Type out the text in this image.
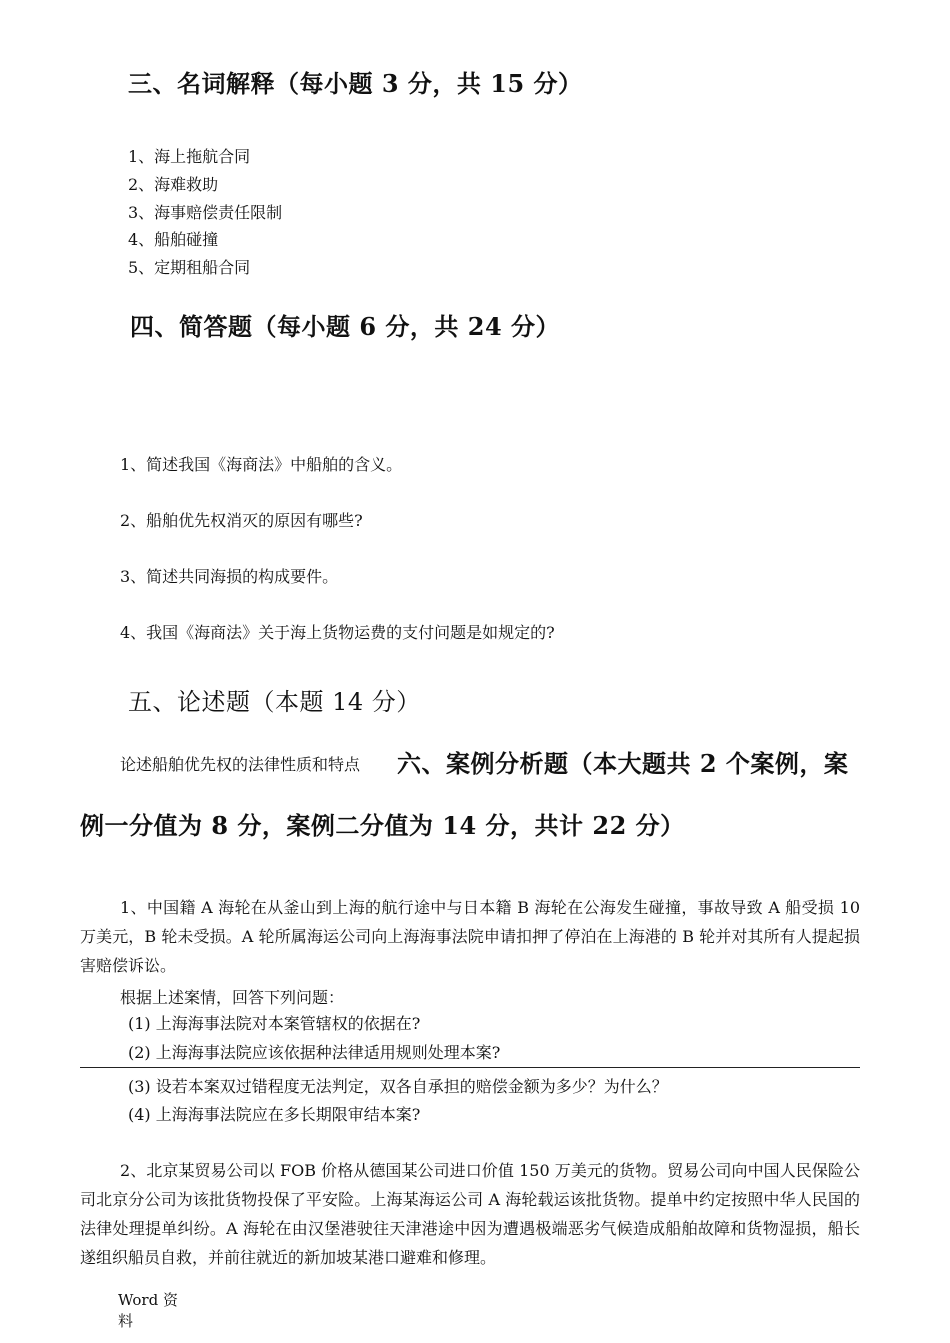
三、名词解释（每小题 3 分，共 15 分）
1、海上拖航合同
2、海难救助
3、海事赔偿责任限制
4、船舶碰撞
5、定期租船合同
四、简答题（每小题 6 分，共 24 分）
1、简述我国《海商法》中船舶的含义。
2、船舶优先权消灭的原因有哪些?
3、简述共同海损的构成要件。
4、我国《海商法》关于海上货物运费的支付问题是如规定的?
五、论述题（本题 14 分）
论述船舶优先权的法律性质和特点 六、案例分析题（本大题共 2 个案例，案
例一分值为 8 分，案例二分值为 14 分，共计 22 分）
1、中国籍 A 海轮在从釜山到上海的航行途中与日本籍 B 海轮在公海发生碰撞，事故导致 A 船受损 10 万美元，B 轮未受损。A 轮所属海运公司向上海海事法院申请扣押了停泊在上海港的 B 轮并对其所有人提起损害赔偿诉讼。
根据上述案情，回答下列问题：
(1) 上海海事法院对本案管辖权的依据在?
(2) 上海海事法院应该依据种法律适用规则处理本案?
(3) 设若本案双过错程度无法判定，双各自承担的赔偿金额为多少？为什么？
(4) 上海海事法院应在多长期限审结本案?
2、北京某贸易公司以 FOB 价格从德国某公司进口价值 150 万美元的货物。贸易公司向中国人民保险公司北京分公司为该批货物投保了平安险。上海某海运公司 A 海轮载运该批货物。提单中约定按照中华人民国的法律处理提单纠纷。A 海轮在由汉堡港驶往天津港途中因为遭遇极端恶劣气候造成船舶故障和货物湿损，船长遂组织船员自救，并前往就近的新加坡某港口避难和修理。
Word 资
料
